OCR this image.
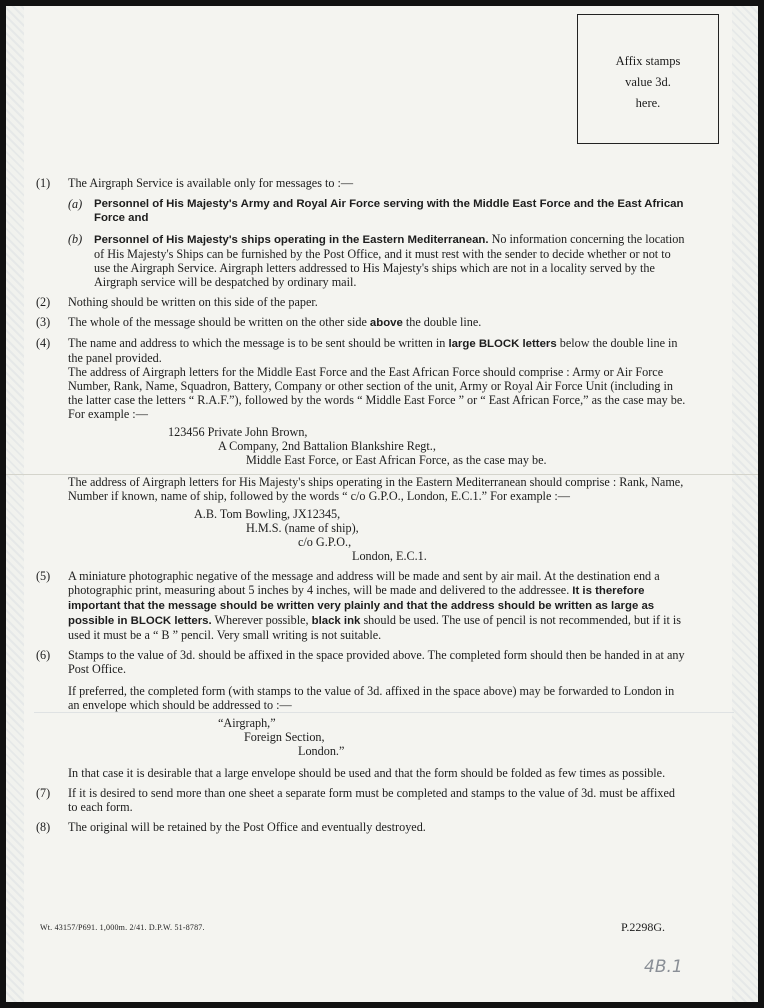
Affix stamps
value 3d.
here.
(1) The Airgraph Service is available only for messages to :—

(a) Personnel of His Majesty's Army and Royal Air Force serving with the Middle East Force and the East African Force and

(b) Personnel of His Majesty's ships operating in the Eastern Mediterranean. No information concerning the location of His Majesty's Ships can be furnished by the Post Office, and it must rest with the sender to decide whether or not to use the Airgraph Service. Airgraph letters addressed to His Majesty's ships which are not in a locality served by the Airgraph service will be despatched by ordinary mail.

(2) Nothing should be written on this side of the paper.

(3) The whole of the message should be written on the other side above the double line.

(4) The name and address to which the message is to be sent should be written in large BLOCK letters below the double line in the panel provided.

The address of Airgraph letters for the Middle East Force and the East African Force should comprise : Army or Air Force Number, Rank, Name, Squadron, Battery, Company or other section of the unit, Army or Royal Air Force Unit (including in the latter case the letters “ R.A.F.”), followed by the words “ Middle East Force ” or “ East African Force,” as the case may be. For example :—

123456 Private John Brown,
A Company, 2nd Battalion Blankshire Regt.,
Middle East Force, or East African Force, as the case may be.

The address of Airgraph letters for His Majesty's ships operating in the Eastern Mediterranean should comprise : Rank, Name, Number if known, name of ship, followed by the words “ c/o G.P.O., London, E.C.1.” For example :—

A.B. Tom Bowling, JX12345,
H.M.S. (name of ship),
c/o G.P.O.,
London, E.C.1.
(5) A miniature photographic negative of the message and address will be made and sent by air mail. At the destination end a photographic print, measuring about 5 inches by 4 inches, will be made and delivered to the addressee. It is therefore important that the message should be written very plainly and that the address should be written as large as possible in BLOCK letters. Wherever possible, black ink should be used. The use of pencil is not recommended, but if it is used it must be a “ B ” pencil. Very small writing is not suitable.

(6) Stamps to the value of 3d. should be affixed in the space provided above. The completed form should then be handed in at any Post Office.

If preferred, the completed form (with stamps to the value of 3d. affixed in the space above) may be forwarded to London in an envelope which should be addressed to :—

“Airgraph,”
Foreign Section,
London.”

In that case it is desirable that a large envelope should be used and that the form should be folded as few times as possible.

(7) If it is desired to send more than one sheet a separate form must be completed and stamps to the value of 3d. must be affixed to each form.

(8) The original will be retained by the Post Office and eventually destroyed.

Wt. 43157/P691. 1,000m. 2/41. D.P.W. 51-8787.	P.2298G.
4B.1
